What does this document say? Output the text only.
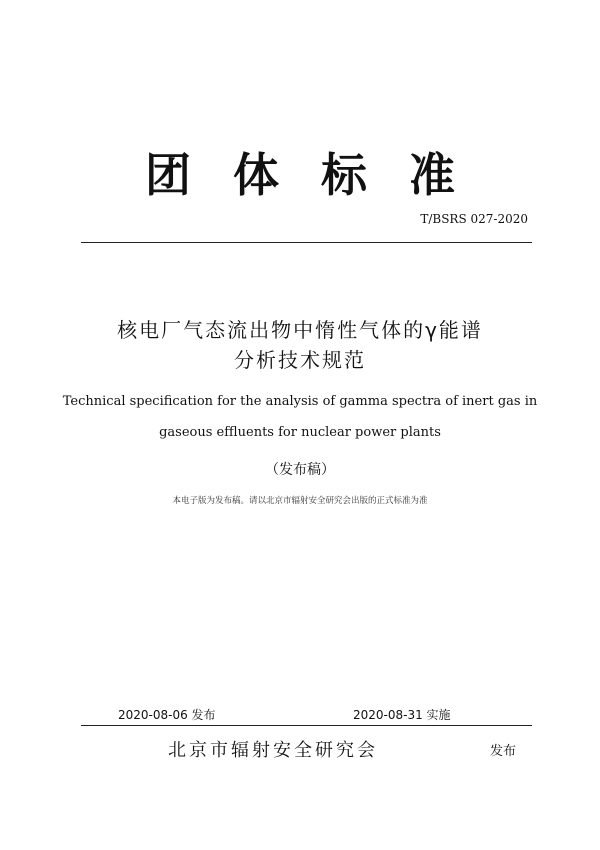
团体标准
T/BSRS 027-2020
核电厂气态流出物中惰性气体的γ能谱
分析技术规范
Technical specification for the analysis of gamma spectra of inert gas in
gaseous effluents for nuclear power plants
（发布稿）
本电子版为发布稿。请以北京市辐射安全研究会出版的正式标准为准
2020-08-06 发布	2020-08-31 实施
北京市辐射安全研究会	发布
